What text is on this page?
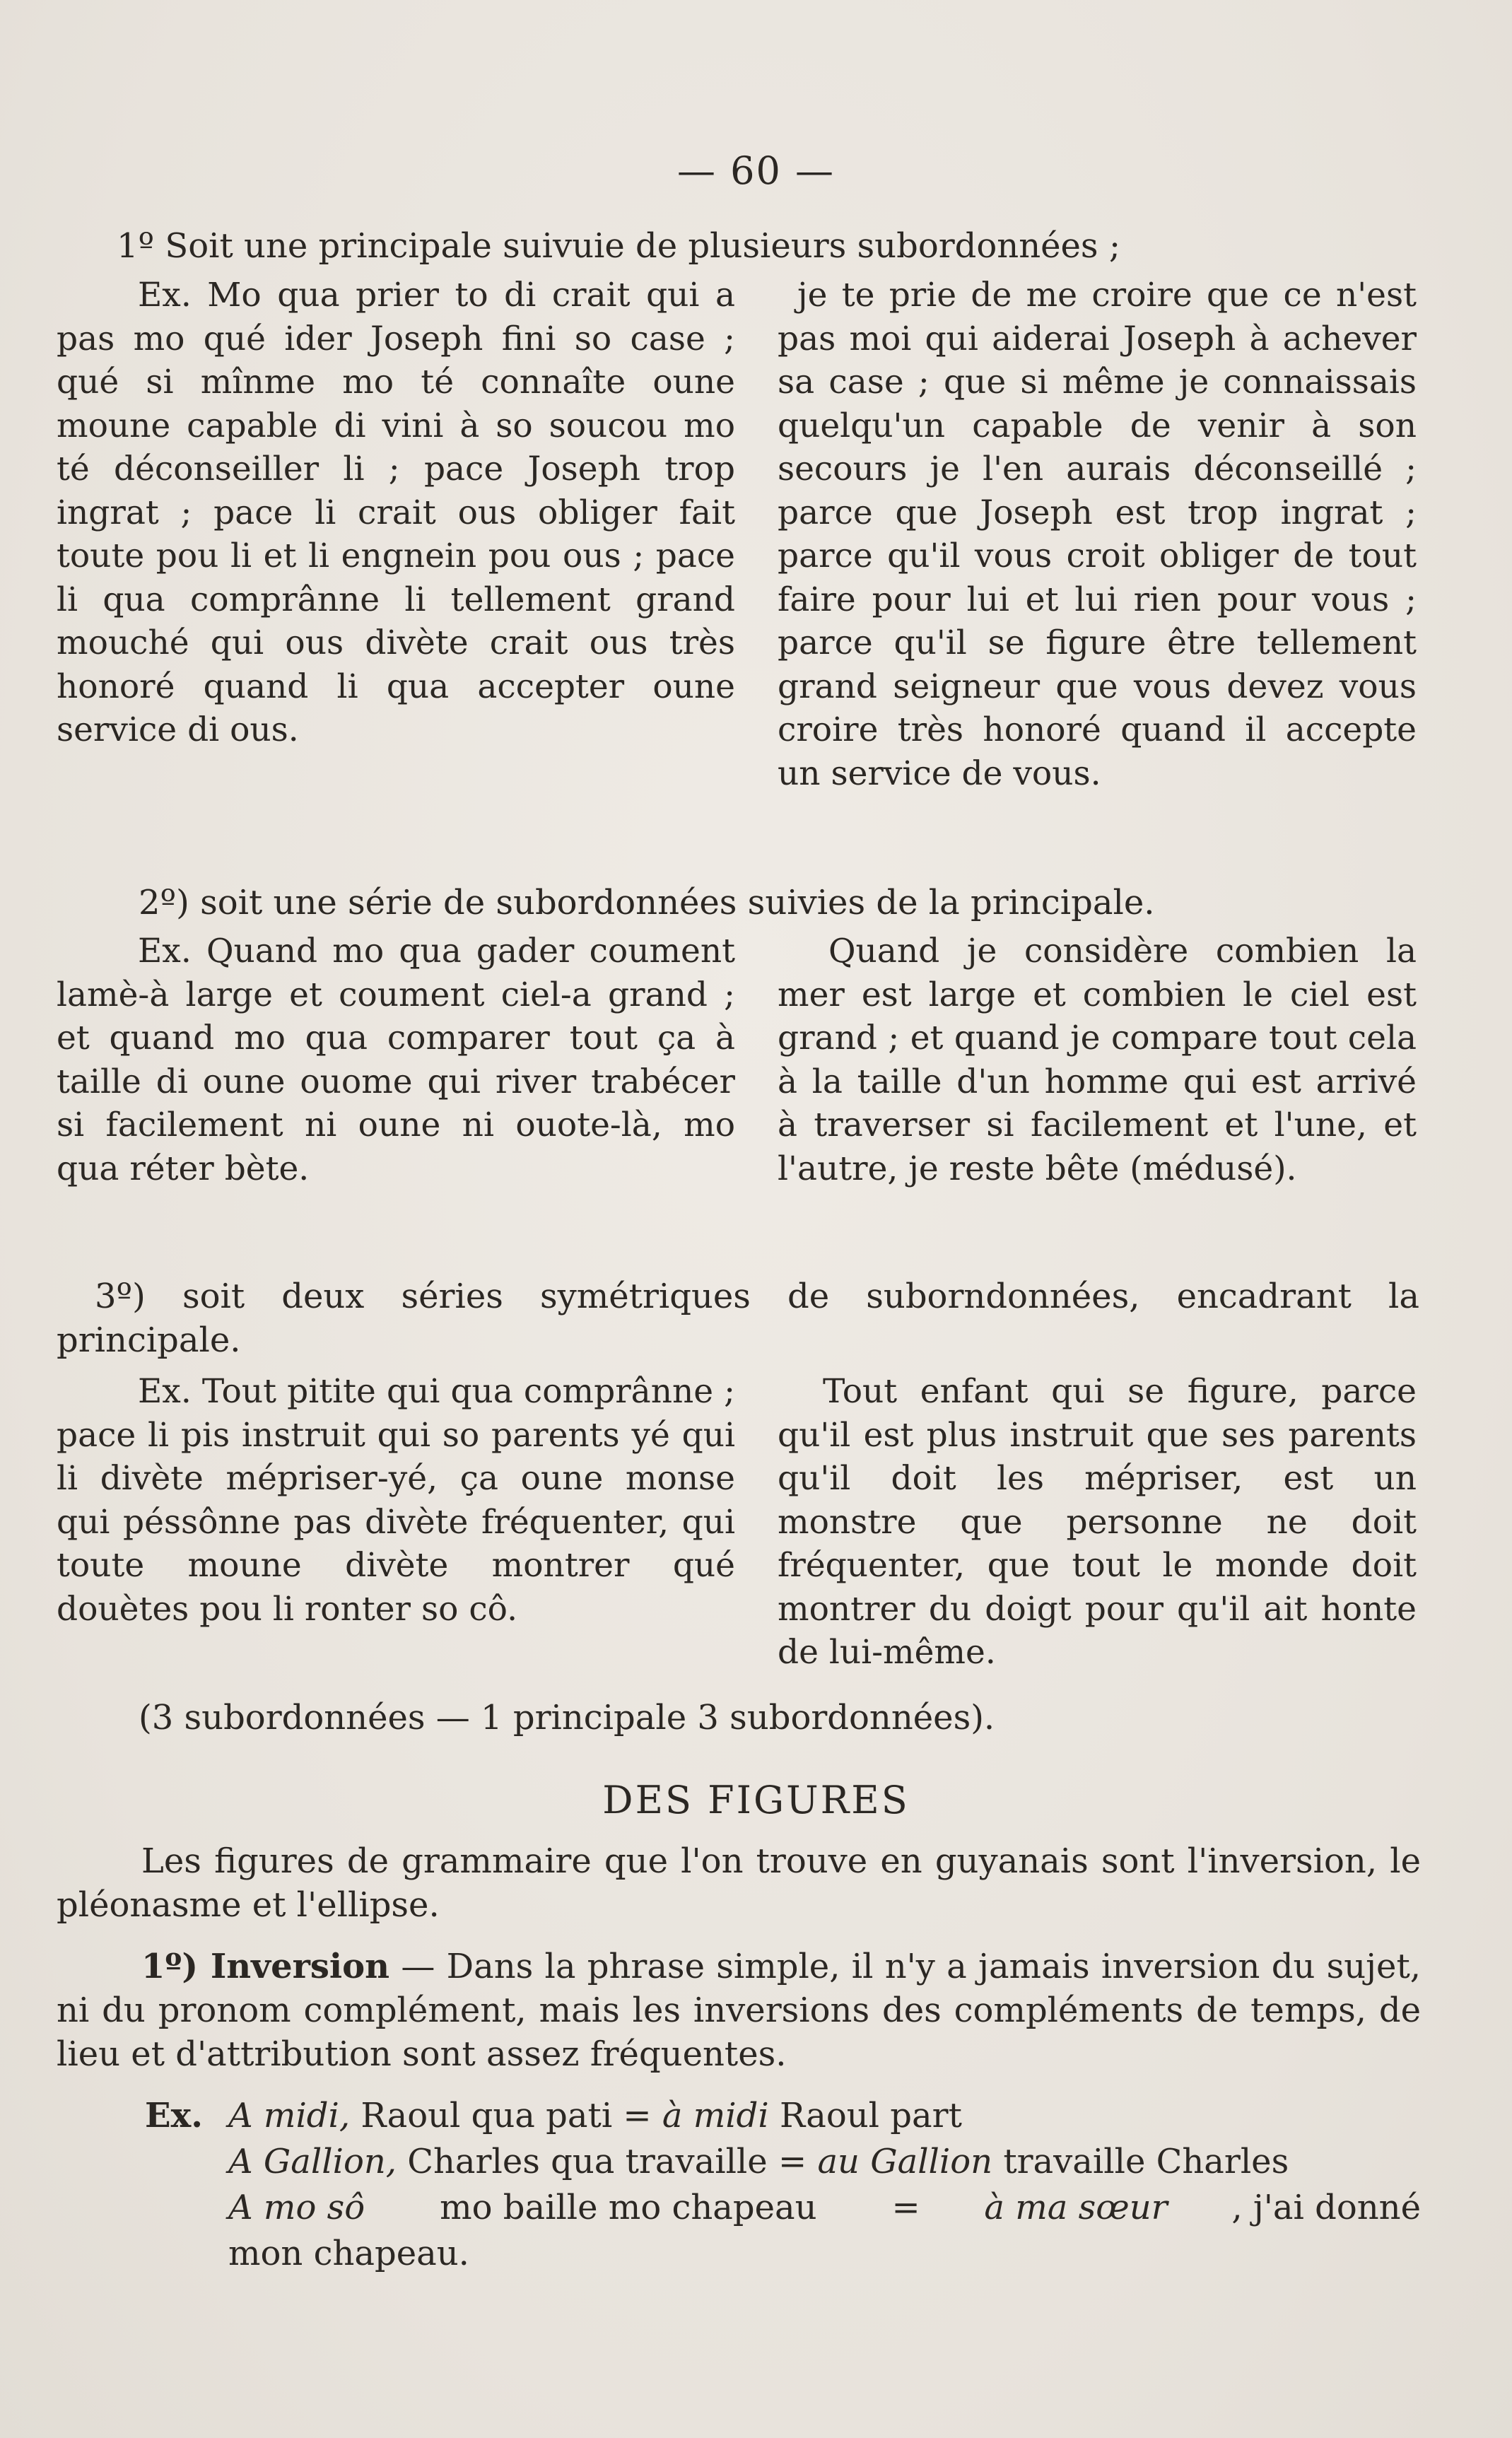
— 60 —
1º Soit une principale suivuie de plusieurs subordonnées ;

Ex. Mo qua prier to di crait qui a pas mo qué ider Joseph fini so case ; qué si mînme mo té connaîte oune moune capable di vini à so soucou mo té déconseiller li ; pace Joseph trop ingrat ; pace li crait ous obliger fait toute pou li et li engnein pou ous ; pace li qua comprânne li tellement grand mouché qui ous divète crait ous très honoré quand li qua accepter oune service di ous.

je te prie de me croire que ce n'est pas moi qui aiderai Joseph à achever sa case ; que si même je connaissais quelqu'un capable de venir à son secours je l'en aurais déconseillé ; parce que Joseph est trop ingrat ; parce qu'il vous croit obliger de tout faire pour lui et lui rien pour vous ; parce qu'il se figure être tellement grand seigneur que vous devez vous croire très honoré quand il accepte un service de vous.

2º) soit une série de subordonnées suivies de la principale.

Ex. Quand mo qua gader coument lamè-à large et coument ciel-a grand ; et quand mo qua comparer tout ça à taille di oune ouome qui river trabécer si facilement ni oune ni ouote-là, mo qua réter bète.

Quand je considère combien la mer est large et combien le ciel est grand ; et quand je compare tout cela à la taille d'un homme qui est arrivé à traverser si facilement et l'une, et l'autre, je reste bête (médusé).

3º) soit deux séries symétriques de suborndonnées, encadrant la
principale.

Ex. Tout pitite qui qua comprânne ; pace li pis instruit qui so parents yé qui li divète mépriser-yé, ça oune monse qui péssônne pas divète fréquenter, qui toute moune divète montrer qué douètes pou li ronter so cô.

Tout enfant qui se figure, parce qu'il est plus instruit que ses parents qu'il doit les mépriser, est un monstre que personne ne doit fréquenter, que tout le monde doit montrer du doigt pour qu'il ait honte de lui-même.

(3 subordonnées — 1 principale 3 subordonnées).
DES FIGURES

Les figures de grammaire que l'on trouve en guyanais sont l'inversion, le pléonasme et l'ellipse.

1º) Inversion — Dans la phrase simple, il n'y a jamais inversion du sujet, ni du pronom complément, mais les inversions des compléments de temps, de lieu et d'attribution sont assez fréquentes.

Ex. A midi, Raoul qua pati = à midi Raoul part
A Gallion, Charles qua travaille = au Gallion travaille Charles
A mo sô mo baille mo chapeau = à ma sœur , j'ai donné
mon chapeau.
